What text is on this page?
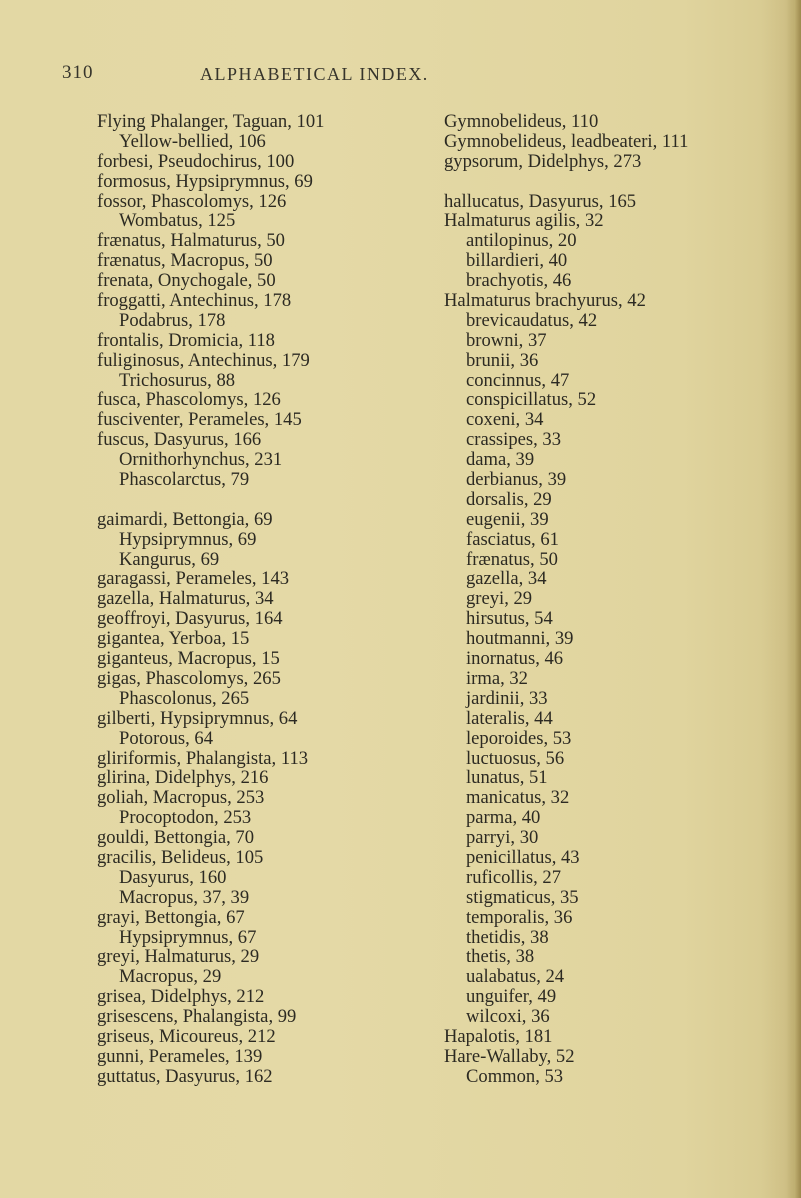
310	ALPHABETICAL INDEX.
Flying Phalanger, Taguan, 101
Yellow-bellied, 106
forbesi, Pseudochirus, 100
formosus, Hypsiprymnus, 69
fossor, Phascolomys, 126
Wombatus, 125
frænatus, Halmaturus, 50
frænatus, Macropus, 50
frenata, Onychogale, 50
froggatti, Antechinus, 178
Podabrus, 178
frontalis, Dromicia, 118
fuliginosus, Antechinus, 179
Trichosurus, 88
fusca, Phascolomys, 126
fusciventer, Perameles, 145
fuscus, Dasyurus, 166
Ornithorhynchus, 231
Phascolarctus, 79
gaimardi, Bettongia, 69
Hypsiprymnus, 69
Kangurus, 69
garagassi, Perameles, 143
gazella, Halmaturus, 34
geoffroyi, Dasyurus, 164
gigantea, Yerboa, 15
giganteus, Macropus, 15
gigas, Phascolomys, 265
Phascolonus, 265
gilberti, Hypsiprymnus, 64
Potorous, 64
gliriformis, Phalangista, 113
glirina, Didelphys, 216
goliah, Macropus, 253
Procoptodon, 253
gouldi, Bettongia, 70
gracilis, Belideus, 105
Dasyurus, 160
Macropus, 37, 39
grayi, Bettongia, 67
Hypsiprymnus, 67
greyi, Halmaturus, 29
Macropus, 29
grisea, Didelphys, 212
grisescens, Phalangista, 99
griseus, Micoureus, 212
gunni, Perameles, 139
guttatus, Dasyurus, 162
Gymnobelideus, 110
Gymnobelideus, leadbeateri, 111
gypsorum, Didelphys, 273
hallucatus, Dasyurus, 165
Halmaturus agilis, 32
antilopinus, 20
billardieri, 40
brachyotis, 46
Halmaturus brachyurus, 42
brevicaudatus, 42
browni, 37
brunii, 36
concinnus, 47
conspicillatus, 52
coxeni, 34
crassipes, 33
dama, 39
derbianus, 39
dorsalis, 29
eugenii, 39
fasciatus, 61
frænatus, 50
gazella, 34
greyi, 29
hirsutus, 54
houtmanni, 39
inornatus, 46
irma, 32
jardinii, 33
lateralis, 44
leporoides, 53
luctuosus, 56
lunatus, 51
manicatus, 32
parma, 40
parryi, 30
penicillatus, 43
ruficollis, 27
stigmaticus, 35
temporalis, 36
thetidis, 38
thetis, 38
ualabatus, 24
unguifer, 49
wilcoxi, 36
Hapalotis, 181
Hare-Wallaby, 52
Common, 53
